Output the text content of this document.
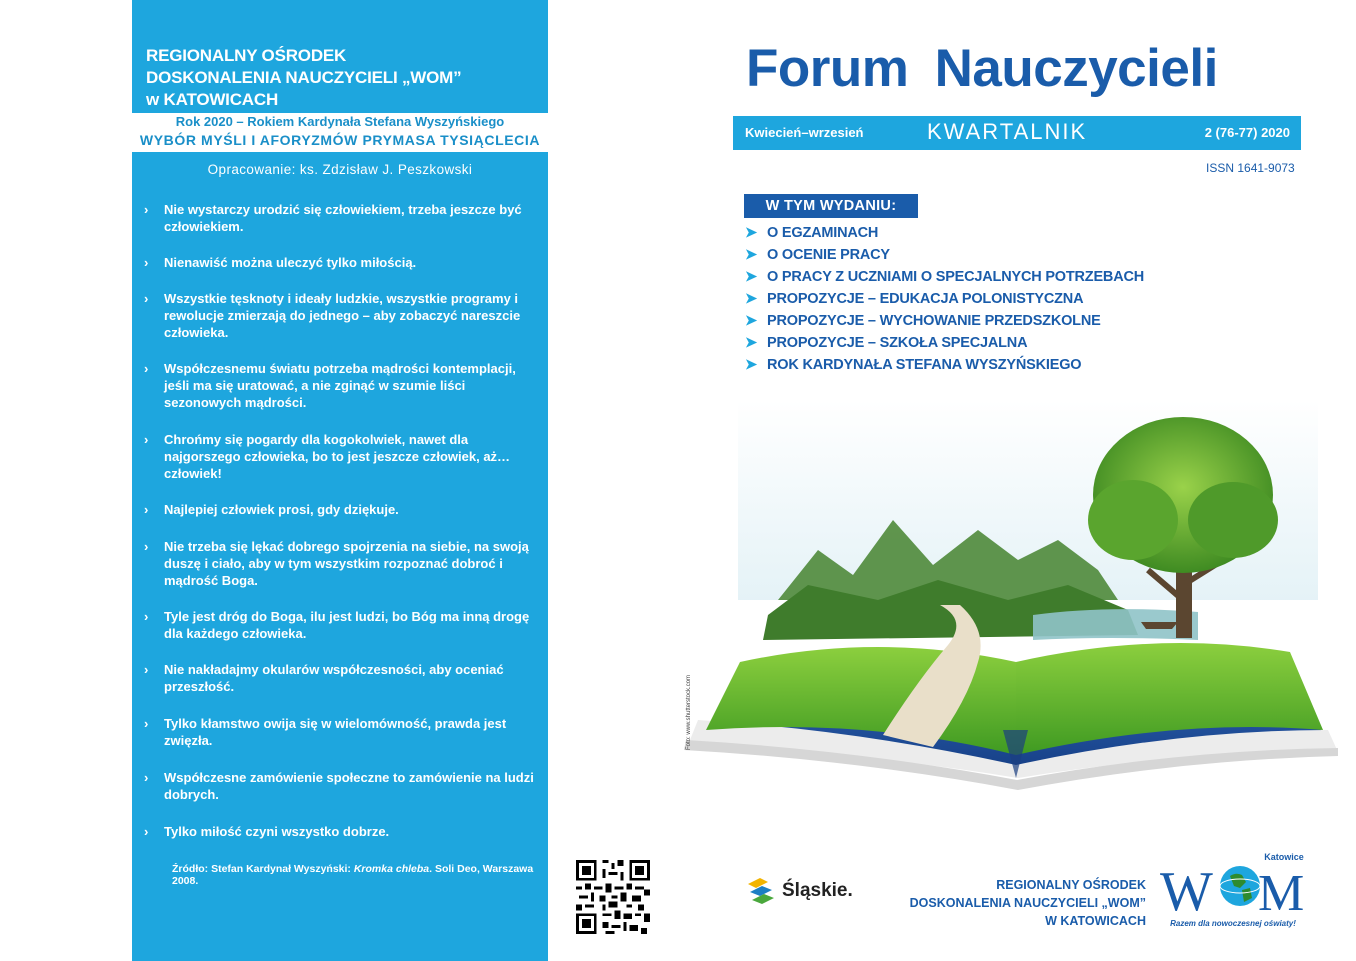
REGIONALNY OŚRODEK
DOSKONALENIA NAUCZYCIELI „WOM”
w KATOWICACH
Rok 2020 – Rokiem Kardynała Stefana Wyszyńskiego
WYBÓR MYŚLI I AFORYZMÓW PRYMASA TYSIĄCLECIA
Opracowanie: ks. Zdzisław J. Peszkowski
›	Nie wystarczy urodzić się człowiekiem, trzeba jeszcze być człowiekiem.
›	Nienawiść można uleczyć tylko miłością.
›	Wszystkie tęsknoty i ideały ludzkie, wszystkie programy i rewolucje zmierzają do jednego – aby zobaczyć nareszcie człowieka.
›	Współczesnemu światu potrzeba mądrości kontemplacji, jeśli ma się uratować, a nie zginąć w szumie liści sezonowych mądrości.
›	Chrońmy się pogardy dla kogokolwiek, nawet dla najgorszego człowieka, bo to jest jeszcze człowiek, aż… człowiek!
›	Najlepiej człowiek prosi, gdy dziękuje.
›	Nie trzeba się lękać dobrego spojrzenia na siebie, na swoją duszę i ciało, aby w tym wszystkim rozpoznać dobroć i mądrość Boga.
›	Tyle jest dróg do Boga, ilu jest ludzi, bo Bóg ma inną drogę dla każdego człowieka.
›	Nie nakładajmy okularów współczesności, aby oceniać przeszłość.
›	Tylko kłamstwo owija się w wielomówność, prawda jest zwięzła.
›	Współczesne zamówienie społeczne to zamówienie na ludzi dobrych.
›	Tylko miłość czyni wszystko dobrze.
Źródło: Stefan Kardynał Wyszyński: Kromka chleba. Soli Deo, Warszawa 2008.
Forum Nauczycieli
Kwiecień–wrzesień	KWARTALNIK	2 (76-77) 2020
ISSN 1641-9073
W TYM WYDANIU:
➤ O EGZAMINACH
➤ O OCENIE PRACY
➤ O PRACY Z UCZNIAMI O SPECJALNYCH POTRZEBACH
➤ PROPOZYCJE – EDUKACJA POLONISTYCZNA
➤ PROPOZYCJE – WYCHOWANIE PRZEDSZKOLNE
➤ PROPOZYCJE – SZKOŁA SPECJALNA
➤ ROK KARDYNAŁA STEFANA WYSZYŃSKIEGO
Foto: www.shutterstock.com
Śląskie.	REGIONALNY OŚRODEK
DOSKONALENIA NAUCZYCIELI „WOM”
W KATOWICACH
Katowice
W M
Razem dla nowoczesnej oświaty!
